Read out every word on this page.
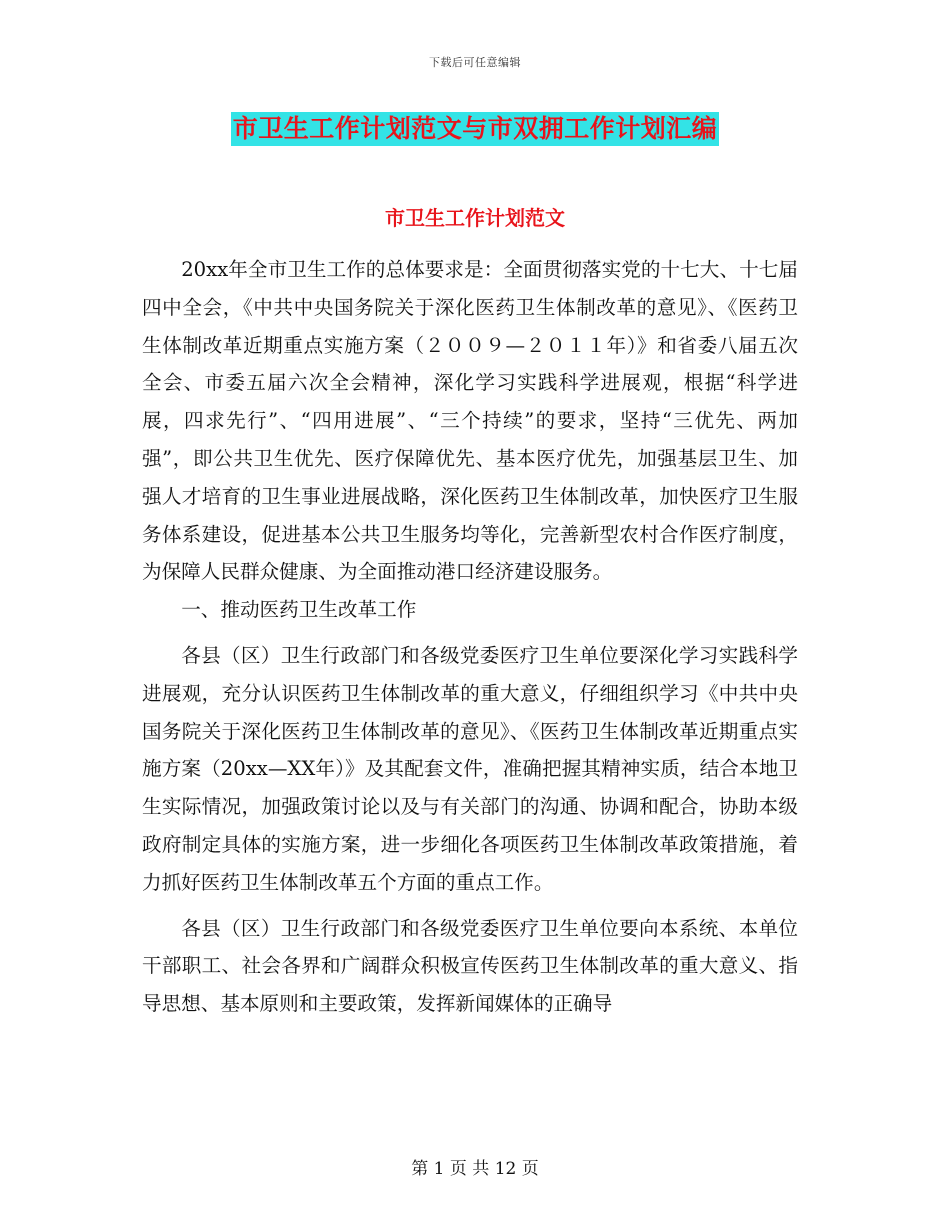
下载后可任意编辑
市卫生工作计划范文与市双拥工作计划汇编
市卫生工作计划范文

20xx年全市卫生工作的总体要求是：全面贯彻落实党的十七大、十七届四中全会，《中共中央国务院关于深化医药卫生体制改革的意见》、《医药卫生体制改革近期重点实施方案（２００９—２０１１年）》和省委八届五次全会、市委五届六次全会精神，深化学习实践科学进展观，根据“科学进展，四求先行”、“四用进展”、“三个持续”的要求，坚持“三优先、两加强”，即公共卫生优先、医疗保障优先、基本医疗优先，加强基层卫生、加强人才培育的卫生事业进展战略，深化医药卫生体制改革，加快医疗卫生服务体系建设，促进基本公共卫生服务均等化，完善新型农村合作医疗制度，为保障人民群众健康、为全面推动港口经济建设服务。

一、推动医药卫生改革工作

各县（区）卫生行政部门和各级党委医疗卫生单位要深化学习实践科学进展观，充分认识医药卫生体制改革的重大意义，仔细组织学习《中共中央国务院关于深化医药卫生体制改革的意见》、《医药卫生体制改革近期重点实施方案（20xx—XX年）》及其配套文件，准确把握其精神实质，结合本地卫生实际情况，加强政策讨论以及与有关部门的沟通、协调和配合，协助本级政府制定具体的实施方案，进一步细化各项医药卫生体制改革政策措施，着力抓好医药卫生体制改革五个方面的重点工作。

各县（区）卫生行政部门和各级党委医疗卫生单位要向本系统、本单位干部职工、社会各界和广阔群众积极宣传医药卫生体制改革的重大意义、指导思想、基本原则和主要政策，发挥新闻媒体的正确导

第 1 页 共 12 页
